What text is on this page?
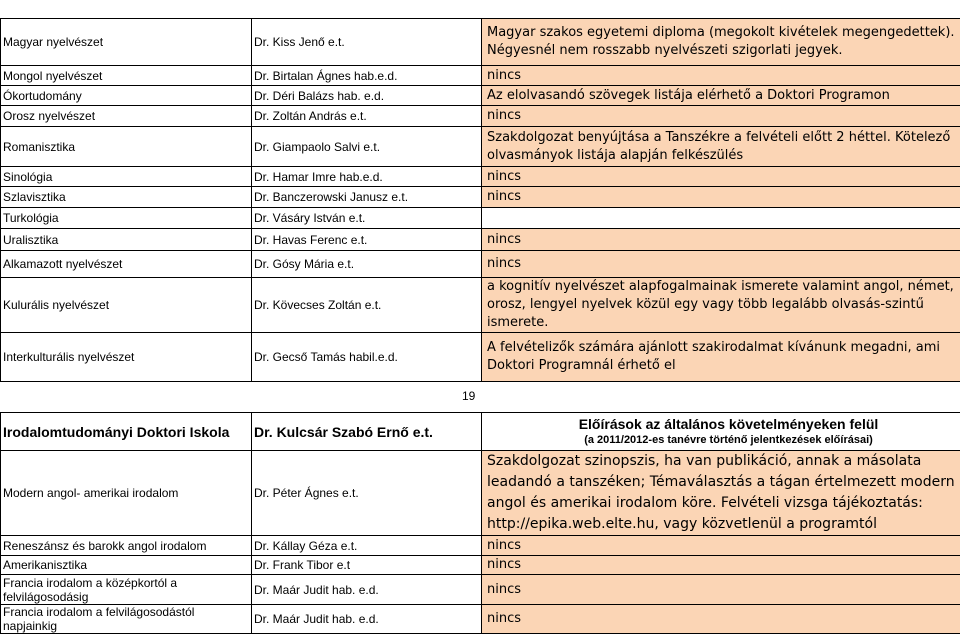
Magyar nyelvészet	Dr. Kiss Jenő e.t.	Magyar szakos egyetemi diploma (megokolt kivételek megengedettek). Négyesnél nem rosszabb nyelvészeti szigorlati jegyek.
Mongol nyelvészet	Dr. Birtalan Ágnes hab.e.d.	nincs
Ókortudomány	Dr. Déri Balázs hab. e.d.	Az elolvasandó szövegek listája elérhető a Doktori Programon
Orosz nyelvészet	Dr. Zoltán András e.t.	nincs
Romanisztika	Dr. Giampaolo Salvi e.t.	Szakdolgozat benyújtása a Tanszékre a felvételi előtt 2 héttel. Kötelező olvasmányok listája alapján felkészülés
Sinológia	Dr. Hamar Imre hab.e.d.	nincs
Szlavisztika	Dr. Banczerowski Janusz e.t.	nincs
Turkológia	Dr. Vásáry István e.t.	
Uralisztika	Dr. Havas Ferenc e.t.	nincs
Alkamazott nyelvészet	Dr. Gósy Mária e.t.	nincs
Kulurális nyelvészet	Dr. Kövecses Zoltán e.t.	a kognitív nyelvészet alapfogalmainak ismerete valamint angol, német, orosz, lengyel nyelvek közül egy vagy több legalább olvasás-szintű ismerete.
Interkulturális nyelvészet	Dr. Gecső Tamás habil.e.d.	A felvételizők számára ajánlott szakirodalmat kívánunk megadni, ami Doktori Programnál érhető el
19
Irodalomtudományi Doktori Iskola	Dr. Kulcsár Szabó Ernő e.t.	Előírások az általános követelményeken felül
(a 2011/2012-es tanévre történő jelentkezések előírásai)

Modern angol- amerikai irodalom	Dr. Péter Ágnes e.t.	Szakdolgozat szinopszis, ha van publikáció, annak a másolata leadandó a tanszéken; Témaválasztás a tágan értelmezett modern angol és amerikai irodalom köre. Felvételi vizsga tájékoztatás: http://epika.web.elte.hu, vagy közvetlenül a programtól
Reneszánsz és barokk angol irodalom	Dr. Kállay Géza e.t.	nincs
Amerikanisztika	Dr. Frank Tibor e.t	nincs
Francia irodalom a középkortól a felvilágosodásig	Dr. Maár Judit hab. e.d.	nincs
Francia irodalom a felvilágosodástól napjainkig	Dr. Maár Judit hab. e.d.	nincs
